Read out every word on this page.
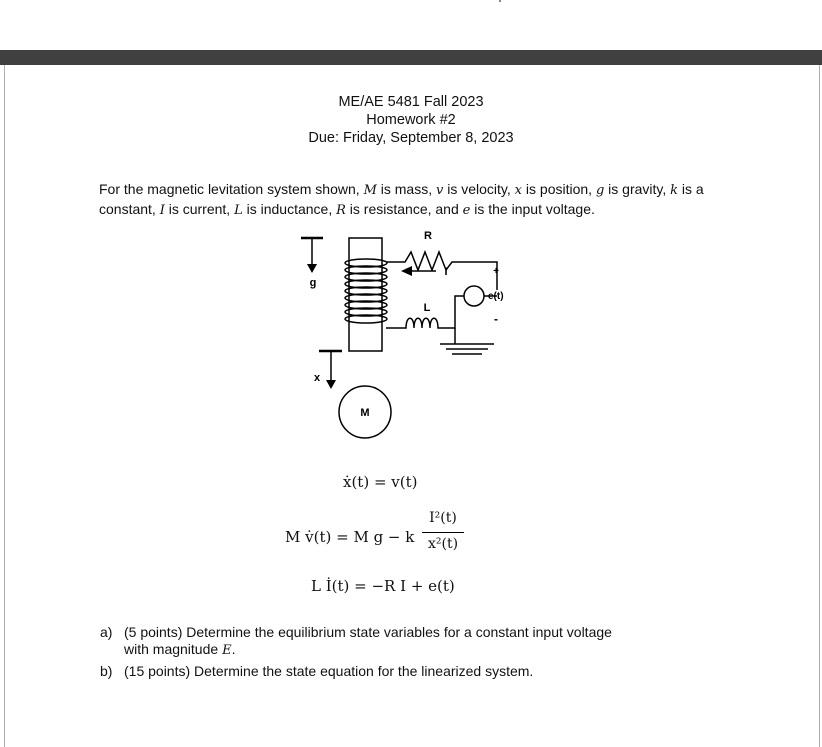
ME/AE 5481 Fall 2023
Homework #2
Due: Friday, September 8, 2023
For the magnetic levitation system shown, M is mass, v is velocity, x is position, g is gravity, k is a constant, I is current, L is inductance, R is resistance, and e is the input voltage.
R
I
L
g
x
M
e(t)
+
-
ẋ(t) = v(t)
M v̇(t) = M g − k
I²(t)
x²(t)
L İ(t) = −R I + e(t)
a) (5 points) Determine the equilibrium state variables for a constant input voltage
with magnitude E.
b) (15 points) Determine the state equation for the linearized system.
